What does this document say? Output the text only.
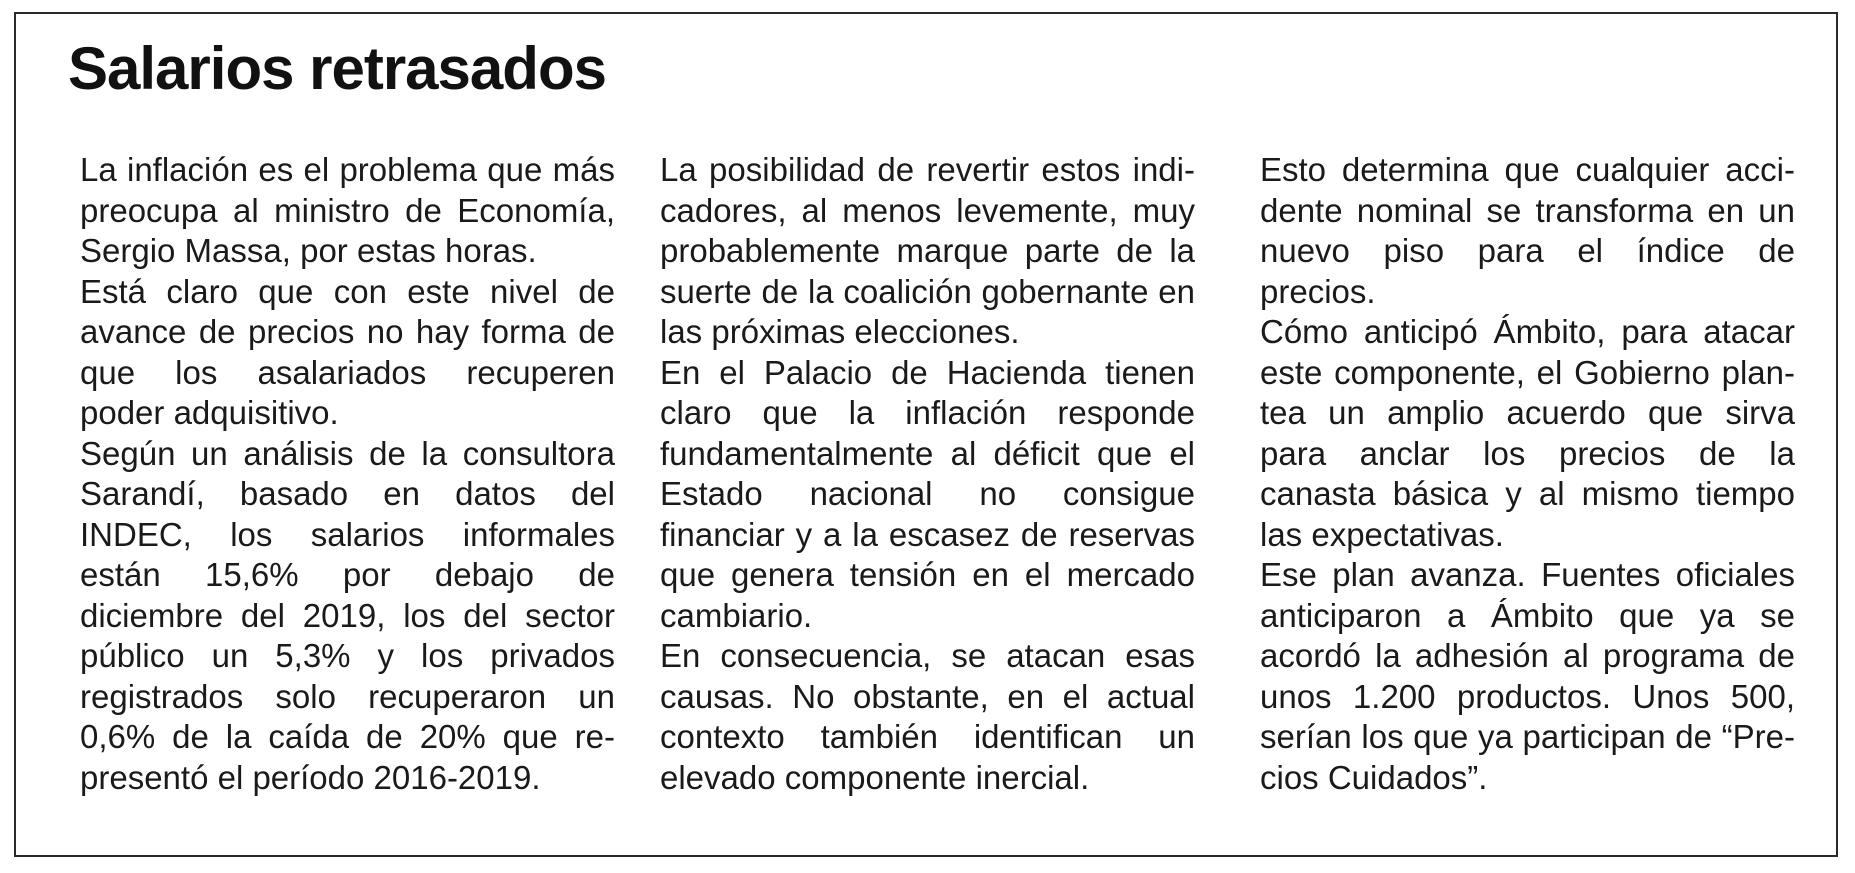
Salarios retrasados

La inflación es el problema que más preocupa al ministro de Economía, Sergio Massa, por estas horas.

Está claro que con este nivel de avance de precios no hay forma de que los asalariados recuperen poder adquisitivo.

Según un análisis de la consultora Sarandí, basado en datos del INDEC, los salarios informales están 15,6% por debajo de diciembre del 2019, los del sector público un 5,3% y los privados registrados solo recuperaron un 0,6% de la caída de 20% que representó el período 2016-2019.

La posibilidad de revertir estos indicadores, al menos levemente, muy probablemente marque parte de la suerte de la coalición gobernante en las próximas elecciones.

En el Palacio de Hacienda tienen claro que la inflación responde fundamentalmente al déficit que el Estado nacional no consigue financiar y a la escasez de reservas que genera tensión en el mercado cambiario.

En consecuencia, se atacan esas causas. No obstante, en el actual contexto también identifican un elevado componente inercial.

Esto determina que cualquier accidente nominal se transforma en un nuevo piso para el índice de precios.

Cómo anticipó Ámbito, para atacar este componente, el Gobierno plantea un amplio acuerdo que sirva para anclar los precios de la canasta básica y al mismo tiempo las expectativas.

Ese plan avanza. Fuentes oficiales anticiparon a Ámbito que ya se acordó la adhesión al programa de unos 1.200 productos. Unos 500, serían los que ya participan de “Precios Cuidados”.
